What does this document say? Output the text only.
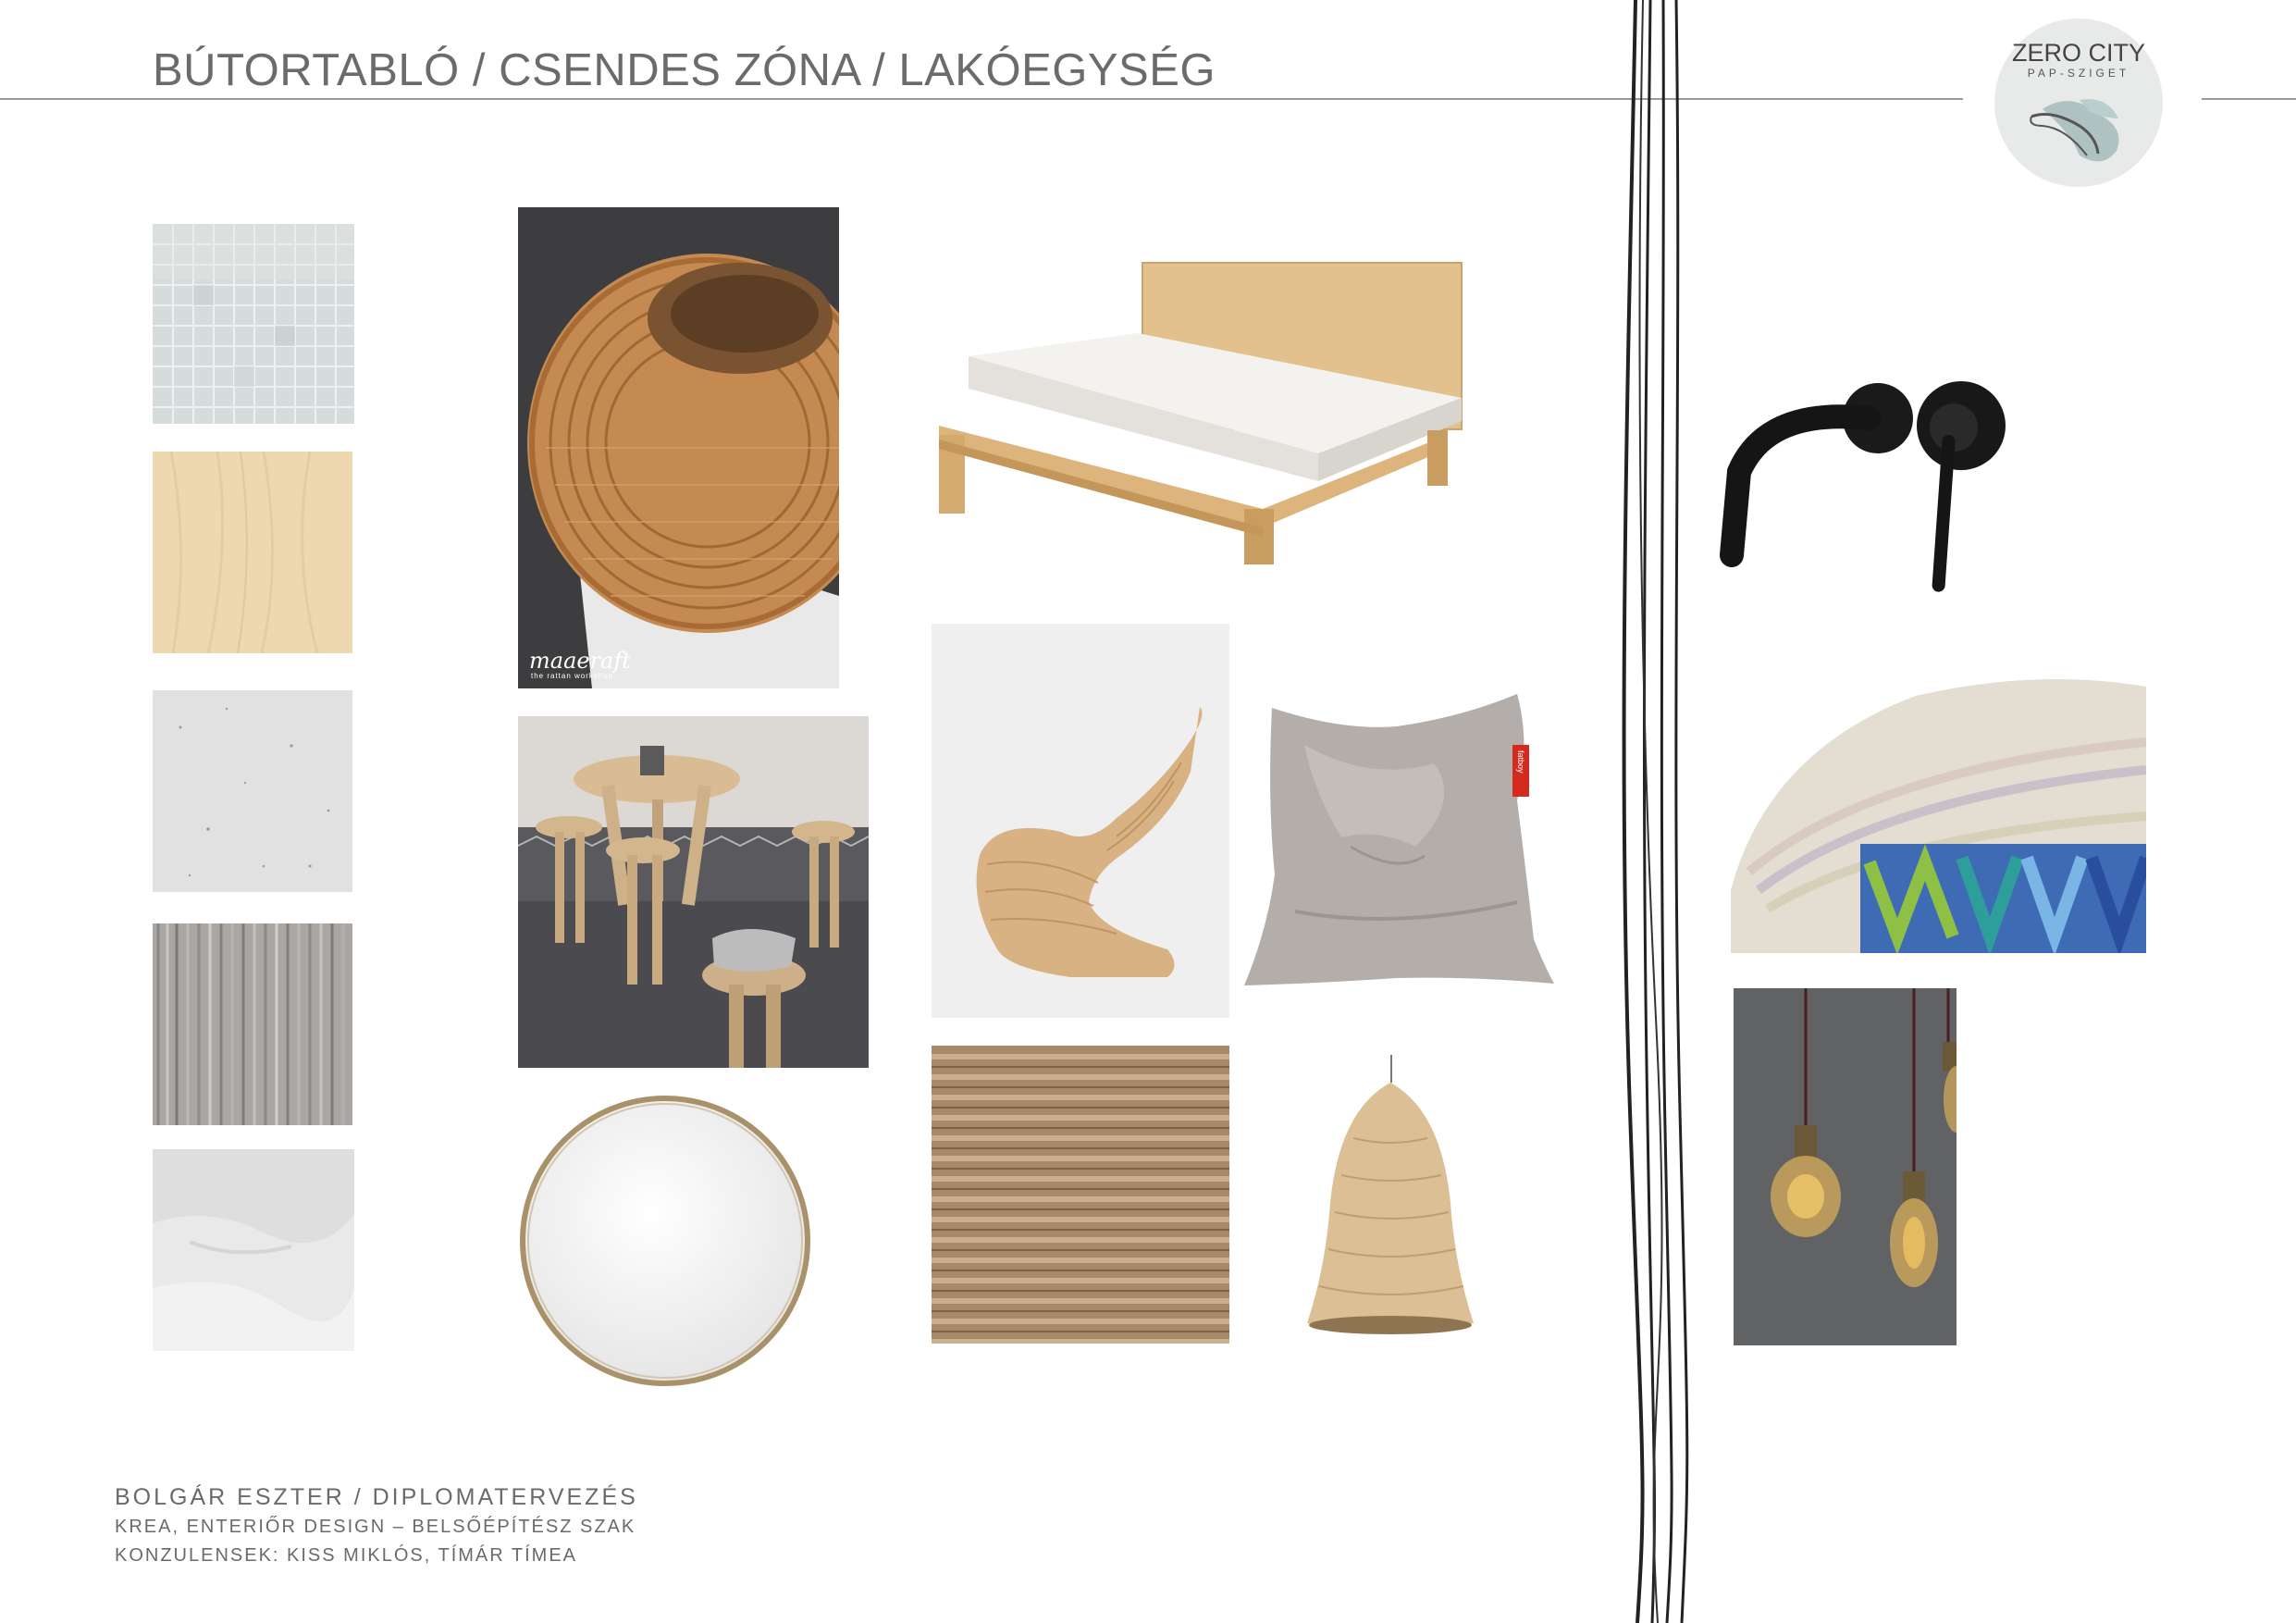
BÚTORTABLÓ / CSENDES ZÓNA / LAKÓEGYSÉG	ZERO CITY
PAP-SZIGET
maaeraft
the rattan workshop
fatboy
BOLGÁR ESZTER / DIPLOMATERVEZÉS
KREA, ENTERIŐR DESIGN – BELSŐÉPÍTÉSZ SZAK
KONZULENSEK: KISS MIKLÓS, TÍMÁR TÍMEA
